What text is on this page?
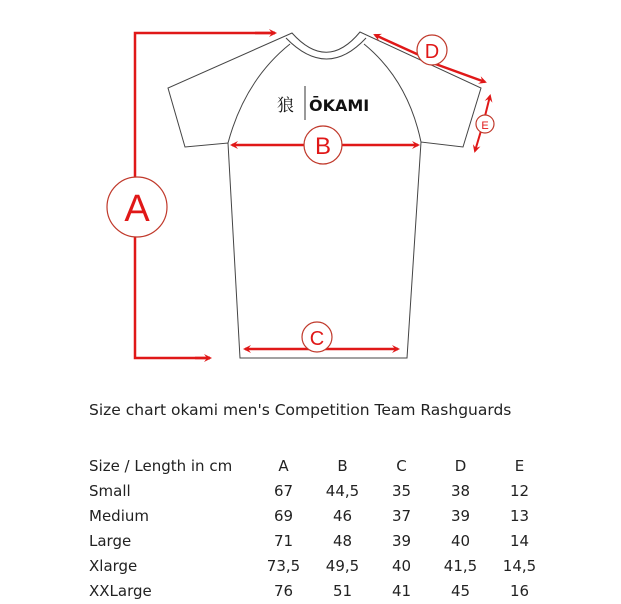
狼 ŌKAMI
A
B
C
D
E
Size chart okami men's Competition Team Rashguards
Size / Length in cm	A	B	C	D	E
Small	67	44,5	35	38	12
Medium	69	46	37	39	13
Large	71	48	39	40	14
Xlarge	73,5	49,5	40	41,5	14,5
XXLarge	76	51	41	45	16
